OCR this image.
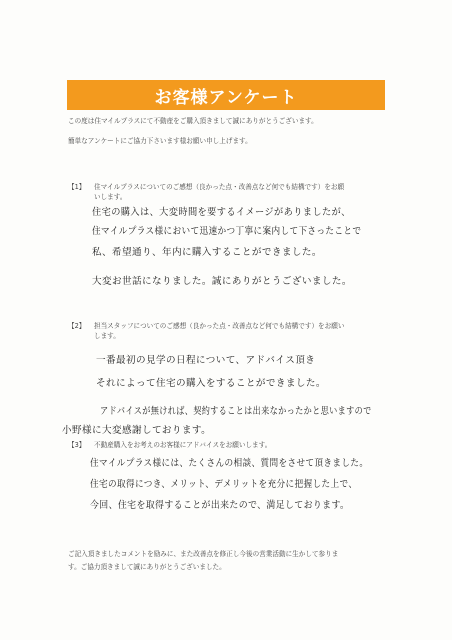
お客様アンケート
この度は住マイルプラスにて不動産をご購入頂きまして誠にありがとうございます。
簡単なアンケートにご協力下さいます様お願い申し上げます。
【1】 住マイルプラスについてのご感想（良かった点・改善点など何でも結構です）をお願
いします。
住宅の購入は、大変時間を要するイメージがありましたが、
住マイルプラス様において迅速かつ丁寧に案内して下さったことで
私、希望通り、年内に購入することができました。
大変お世話になりました。誠にありがとうございました。
【2】 担当スタッフについてのご感想（良かった点・改善点など何でも結構です）をお願い
します。
一番最初の見学の日程について、アドバイス頂き
それによって住宅の購入をすることができました。
アドバイスが無ければ、契約することは出来なかったかと思いますので
小野様に大変感謝しております。
【3】 不動産購入をお考えのお客様にアドバイスをお願いします。
住マイルプラス様には、たくさんの相談、質問をさせて頂きました。
住宅の取得につき、メリット、デメリットを充分に把握した上で、
今回、住宅を取得することが出来たので、満足しております。
ご記入頂きましたコメントを励みに、また改善点を修正し今後の営業活動に生かして参りま
す。ご協力頂きまして誠にありがとうございました。
